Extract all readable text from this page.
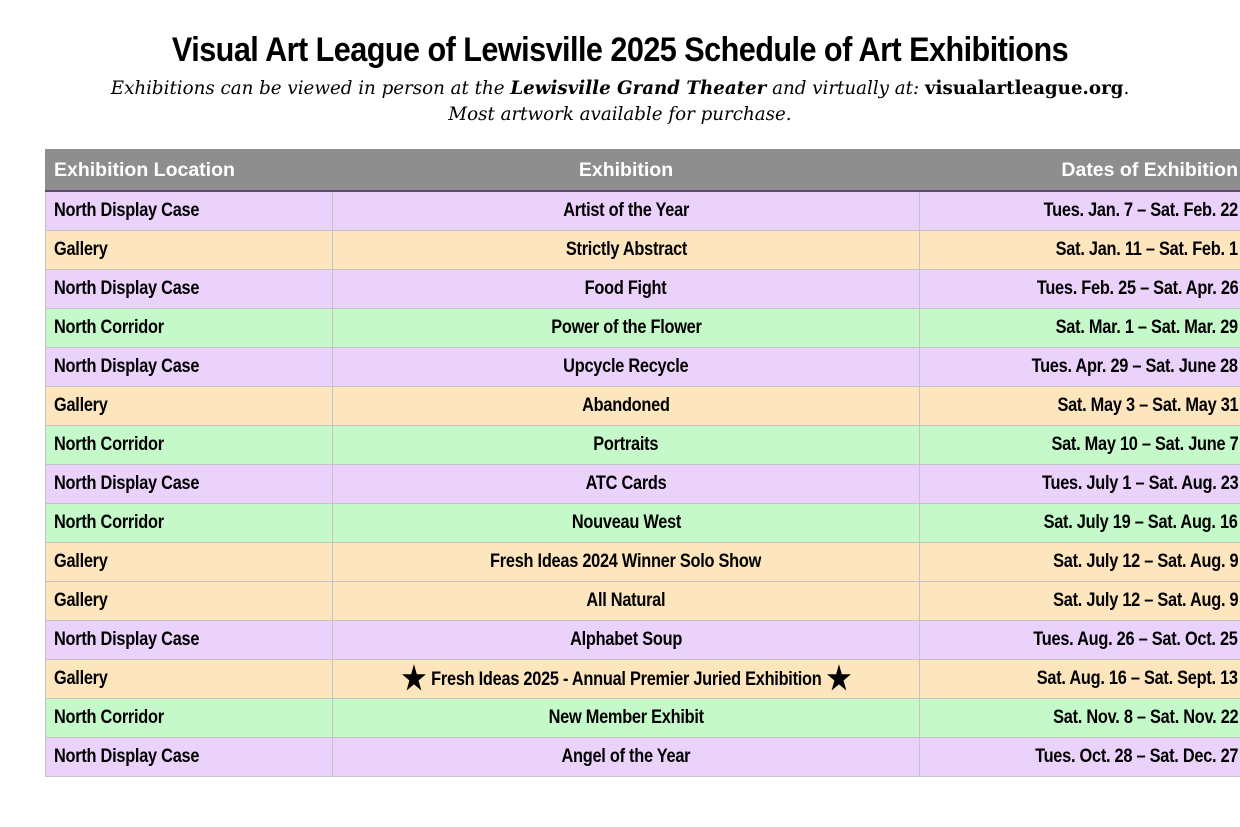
Visual Art League of Lewisville 2025 Schedule of Art Exhibitions

Exhibitions can be viewed in person at the Lewisville Grand Theater and virtually at: visualartleague.org.
Most artwork available for purchase.

Exhibition Location	Exhibition	Dates of Exhibition
North Display Case	Artist of the Year	Tues. Jan. 7 – Sat. Feb. 22
Gallery	Strictly Abstract	Sat. Jan. 11 – Sat. Feb. 1
North Display Case	Food Fight	Tues. Feb. 25 – Sat. Apr. 26
North Corridor	Power of the Flower	Sat. Mar. 1 – Sat. Mar. 29
North Display Case	Upcycle Recycle	Tues. Apr. 29 – Sat. June 28
Gallery	Abandoned	Sat. May 3 – Sat. May 31
North Corridor	Portraits	Sat. May 10 – Sat. June 7
North Display Case	ATC Cards	Tues. July 1 – Sat. Aug. 23
North Corridor	Nouveau West	Sat. July 19 – Sat. Aug. 16
Gallery	Fresh Ideas 2024 Winner Solo Show	Sat. July 12 – Sat. Aug. 9
Gallery	All Natural	Sat. July 12 – Sat. Aug. 9
North Display Case	Alphabet Soup	Tues. Aug. 26 – Sat. Oct. 25
Gallery	★ Fresh Ideas 2025 - Annual Premier Juried Exhibition ★	Sat. Aug. 16 – Sat. Sept. 13
North Corridor	New Member Exhibit	Sat. Nov. 8 – Sat. Nov. 22
North Display Case	Angel of the Year	Tues. Oct. 28 – Sat. Dec. 27
